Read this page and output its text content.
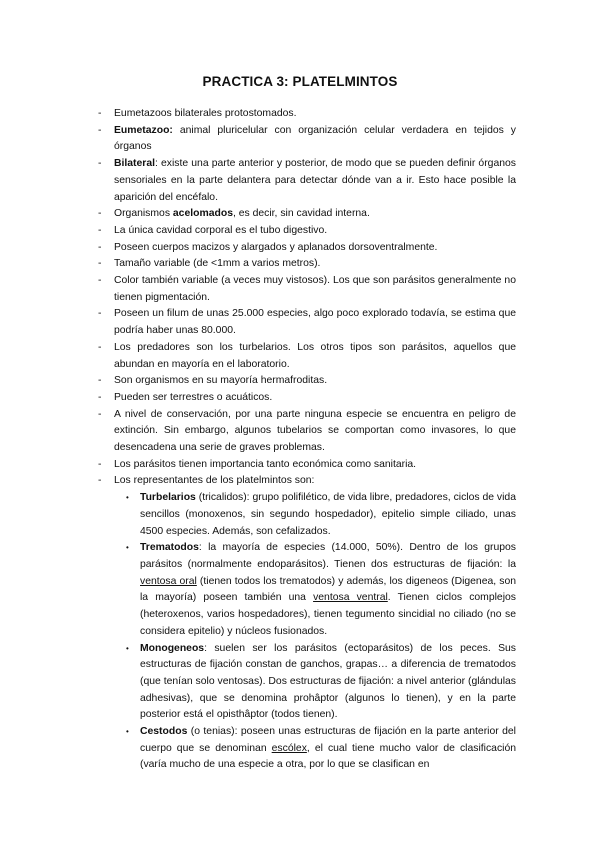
PRACTICA 3: PLATELMINTOS
- Eumetazoos bilaterales protostomados.
- Eumetazoo: animal pluricelular con organización celular verdadera en tejidos y órganos
- Bilateral: existe una parte anterior y posterior, de modo que se pueden definir órganos sensoriales en la parte delantera para detectar dónde van a ir. Esto hace posible la aparición del encéfalo.
- Organismos acelomados, es decir, sin cavidad interna.
- La única cavidad corporal es el tubo digestivo.
- Poseen cuerpos macizos y alargados y aplanados dorsoventralmente.
- Tamaño variable (de <1mm a varios metros).
- Color también variable (a veces muy vistosos). Los que son parásitos generalmente no tienen pigmentación.
- Poseen un filum de unas 25.000 especies, algo poco explorado todavía, se estima que podría haber unas 80.000.
- Los predadores son los turbelarios. Los otros tipos son parásitos, aquellos que abundan en mayoría en el laboratorio.
- Son organismos en su mayoría hermafroditas.
- Pueden ser terrestres o acuáticos.
- A nivel de conservación, por una parte ninguna especie se encuentra en peligro de extinción. Sin embargo, algunos tubelarios se comportan como invasores, lo que desencadena una serie de graves problemas.
- Los parásitos tienen importancia tanto económica como sanitaria.
- Los representantes de los platelmintos son:
• Turbelarios (tricalidos): grupo polifilético, de vida libre, predadores, ciclos de vida sencillos (monoxenos, sin segundo hospedador), epitelio simple ciliado, unas 4500 especies. Además, son cefalizados.
• Trematodos: la mayoría de especies (14.000, 50%). Dentro de los grupos parásitos (normalmente endoparásitos). Tienen dos estructuras de fijación: la ventosa oral (tienen todos los trematodos) y además, los digeneos (Digenea, son la mayoría) poseen también una ventosa ventral. Tienen ciclos complejos (heteroxenos, varios hospedadores), tienen tegumento sincidial no ciliado (no se considera epitelio) y núcleos fusionados.
• Monogeneos: suelen ser los parásitos (ectoparásitos) de los peces. Sus estructuras de fijación constan de ganchos, grapas… a diferencia de trematodos (que tenían solo ventosas). Dos estructuras de fijación: a nivel anterior (glándulas adhesivas), que se denomina prohâptor (algunos lo tienen), y en la parte posterior está el opisthâptor (todos tienen).
• Cestodos (o tenias): poseen unas estructuras de fijación en la parte anterior del cuerpo que se denominan escólex, el cual tiene mucho valor de clasificación (varía mucho de una especie a otra, por lo que se clasifican en
